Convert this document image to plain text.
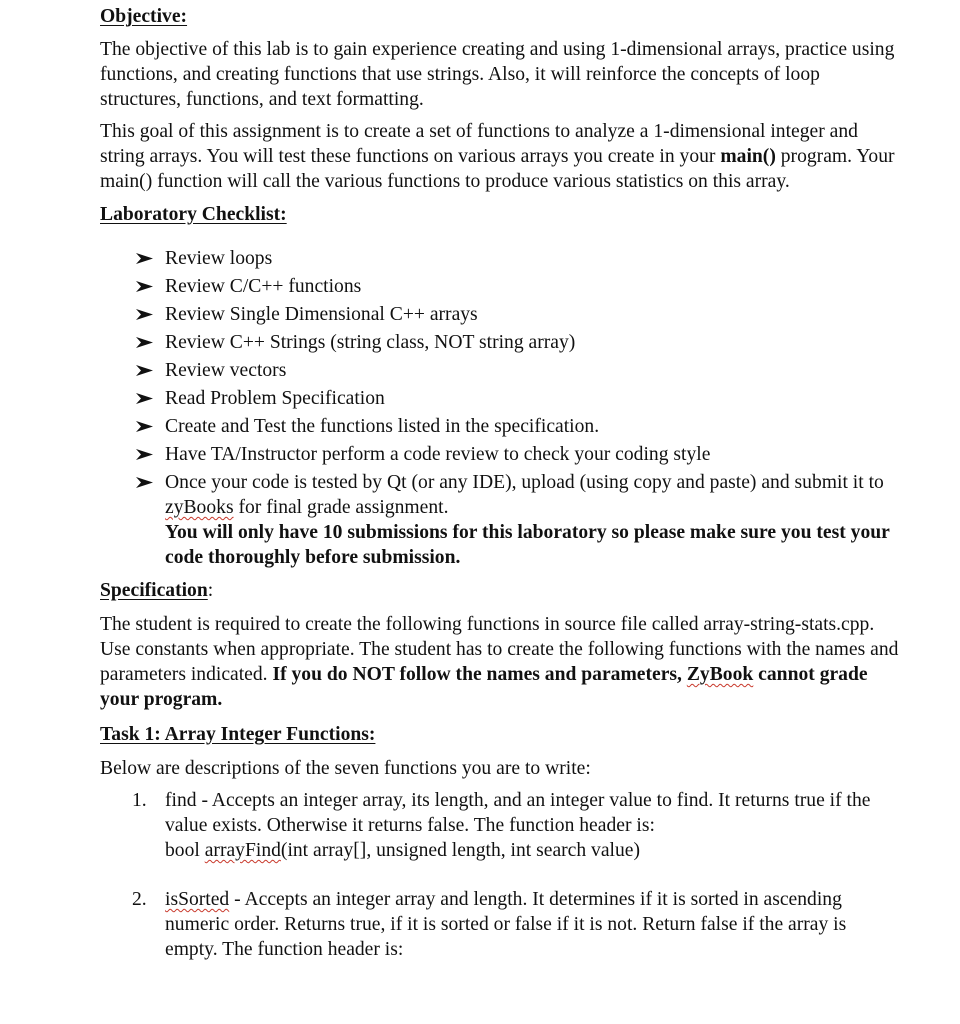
Objective:

The objective of this lab is to gain experience creating and using 1-dimensional arrays, practice using functions, and creating functions that use strings. Also, it will reinforce the concepts of loop structures, functions, and text formatting.

This goal of this assignment is to create a set of functions to analyze a 1-dimensional integer and string arrays. You will test these functions on various arrays you create in your main() program. Your main() function will call the various functions to produce various statistics on this array.

Laboratory Checklist:

Review loops
Review C/C++ functions
Review Single Dimensional C++ arrays
Review C++ Strings (string class, NOT string array)
Review vectors
Read Problem Specification
Create and Test the functions listed in the specification.
Have TA/Instructor perform a code review to check your coding style
Once your code is tested by Qt (or any IDE), upload (using copy and paste) and submit it to zyBooks for final grade assignment.
You will only have 10 submissions for this laboratory so please make sure you test your code thoroughly before submission.

Specification:

The student is required to create the following functions in source file called array-string-stats.cpp. Use constants when appropriate. The student has to create the following functions with the names and parameters indicated. If you do NOT follow the names and parameters, ZyBook cannot grade your program.

Task 1: Array Integer Functions:

Below are descriptions of the seven functions you are to write:

1. find - Accepts an integer array, its length, and an integer value to find. It returns true if the value exists. Otherwise it returns false. The function header is:
bool arrayFind(int array[], unsigned length, int search value)
2. isSorted - Accepts an integer array and length. It determines if it is sorted in ascending numeric order. Returns true, if it is sorted or false if it is not. Return false if the array is empty. The function header is:
